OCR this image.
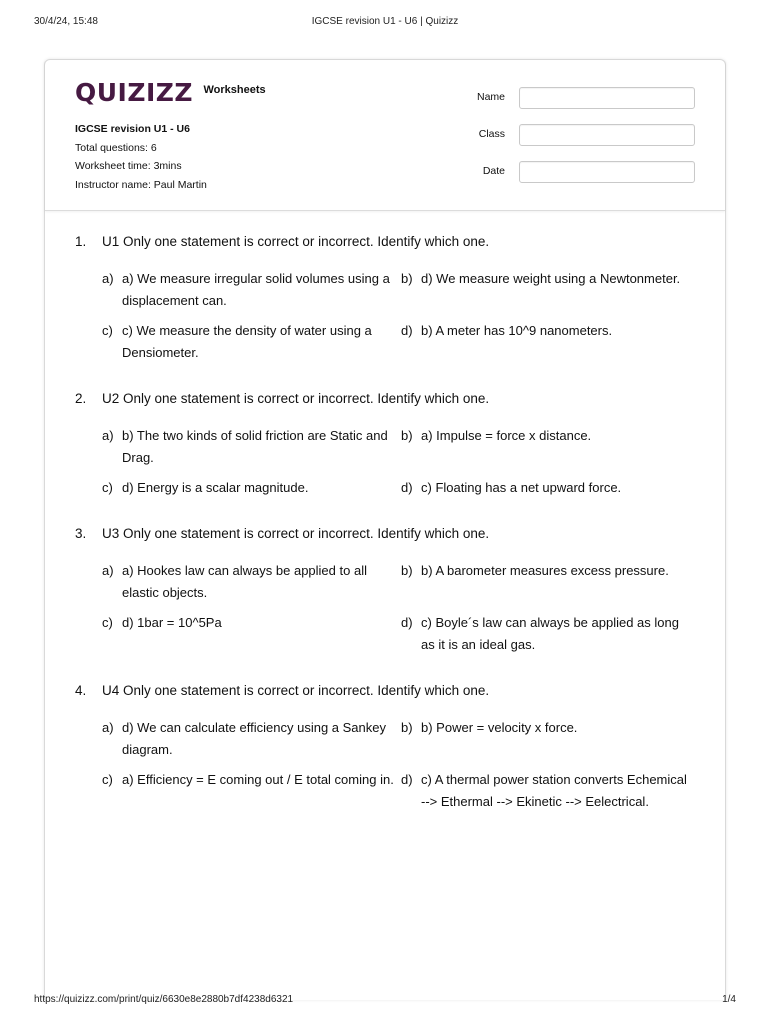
30/4/24, 15:48	IGCSE revision U1 - U6 | Quizizz
QUIZIZZ Worksheets
IGCSE revision U1 - U6
Total questions: 6
Worksheet time: 3mins
Instructor name: Paul Martin
Name
Class
Date
1.	U1 Only one statement is correct or incorrect. Identify which one.
a) a) We measure irregular solid volumes using a displacement can.
b) d) We measure weight using a Newtonmeter.
c) c) We measure the density of water using a Densiometer.
d) b) A meter has 10^9 nanometers.
2.	U2 Only one statement is correct or incorrect. Identify which one.
a) b) The two kinds of solid friction are Static and Drag.
b) a) Impulse = force x distance.
c) d) Energy is a scalar magnitude.	d) c) Floating has a net upward force.
3.	U3 Only one statement is correct or incorrect. Identify which one.
a) a) Hookes law can always be applied to all elastic objects.
b) b) A barometer measures excess pressure.
c) d) 1bar = 10^5Pa	d) c) Boyle´s law can always be applied as long as it is an ideal gas.
4.	U4 Only one statement is correct or incorrect. Identify which one.
a) d) We can calculate efficiency using a Sankey diagram.
b) b) Power = velocity x force.
c) a) Efficiency = E coming out / E total coming in. d) c) A thermal power station converts Echemical --> Ethermal --> Ekinetic --> Eelectrical.
https://quizizz.com/print/quiz/6630e8e2880b7df4238d6321	1/4
